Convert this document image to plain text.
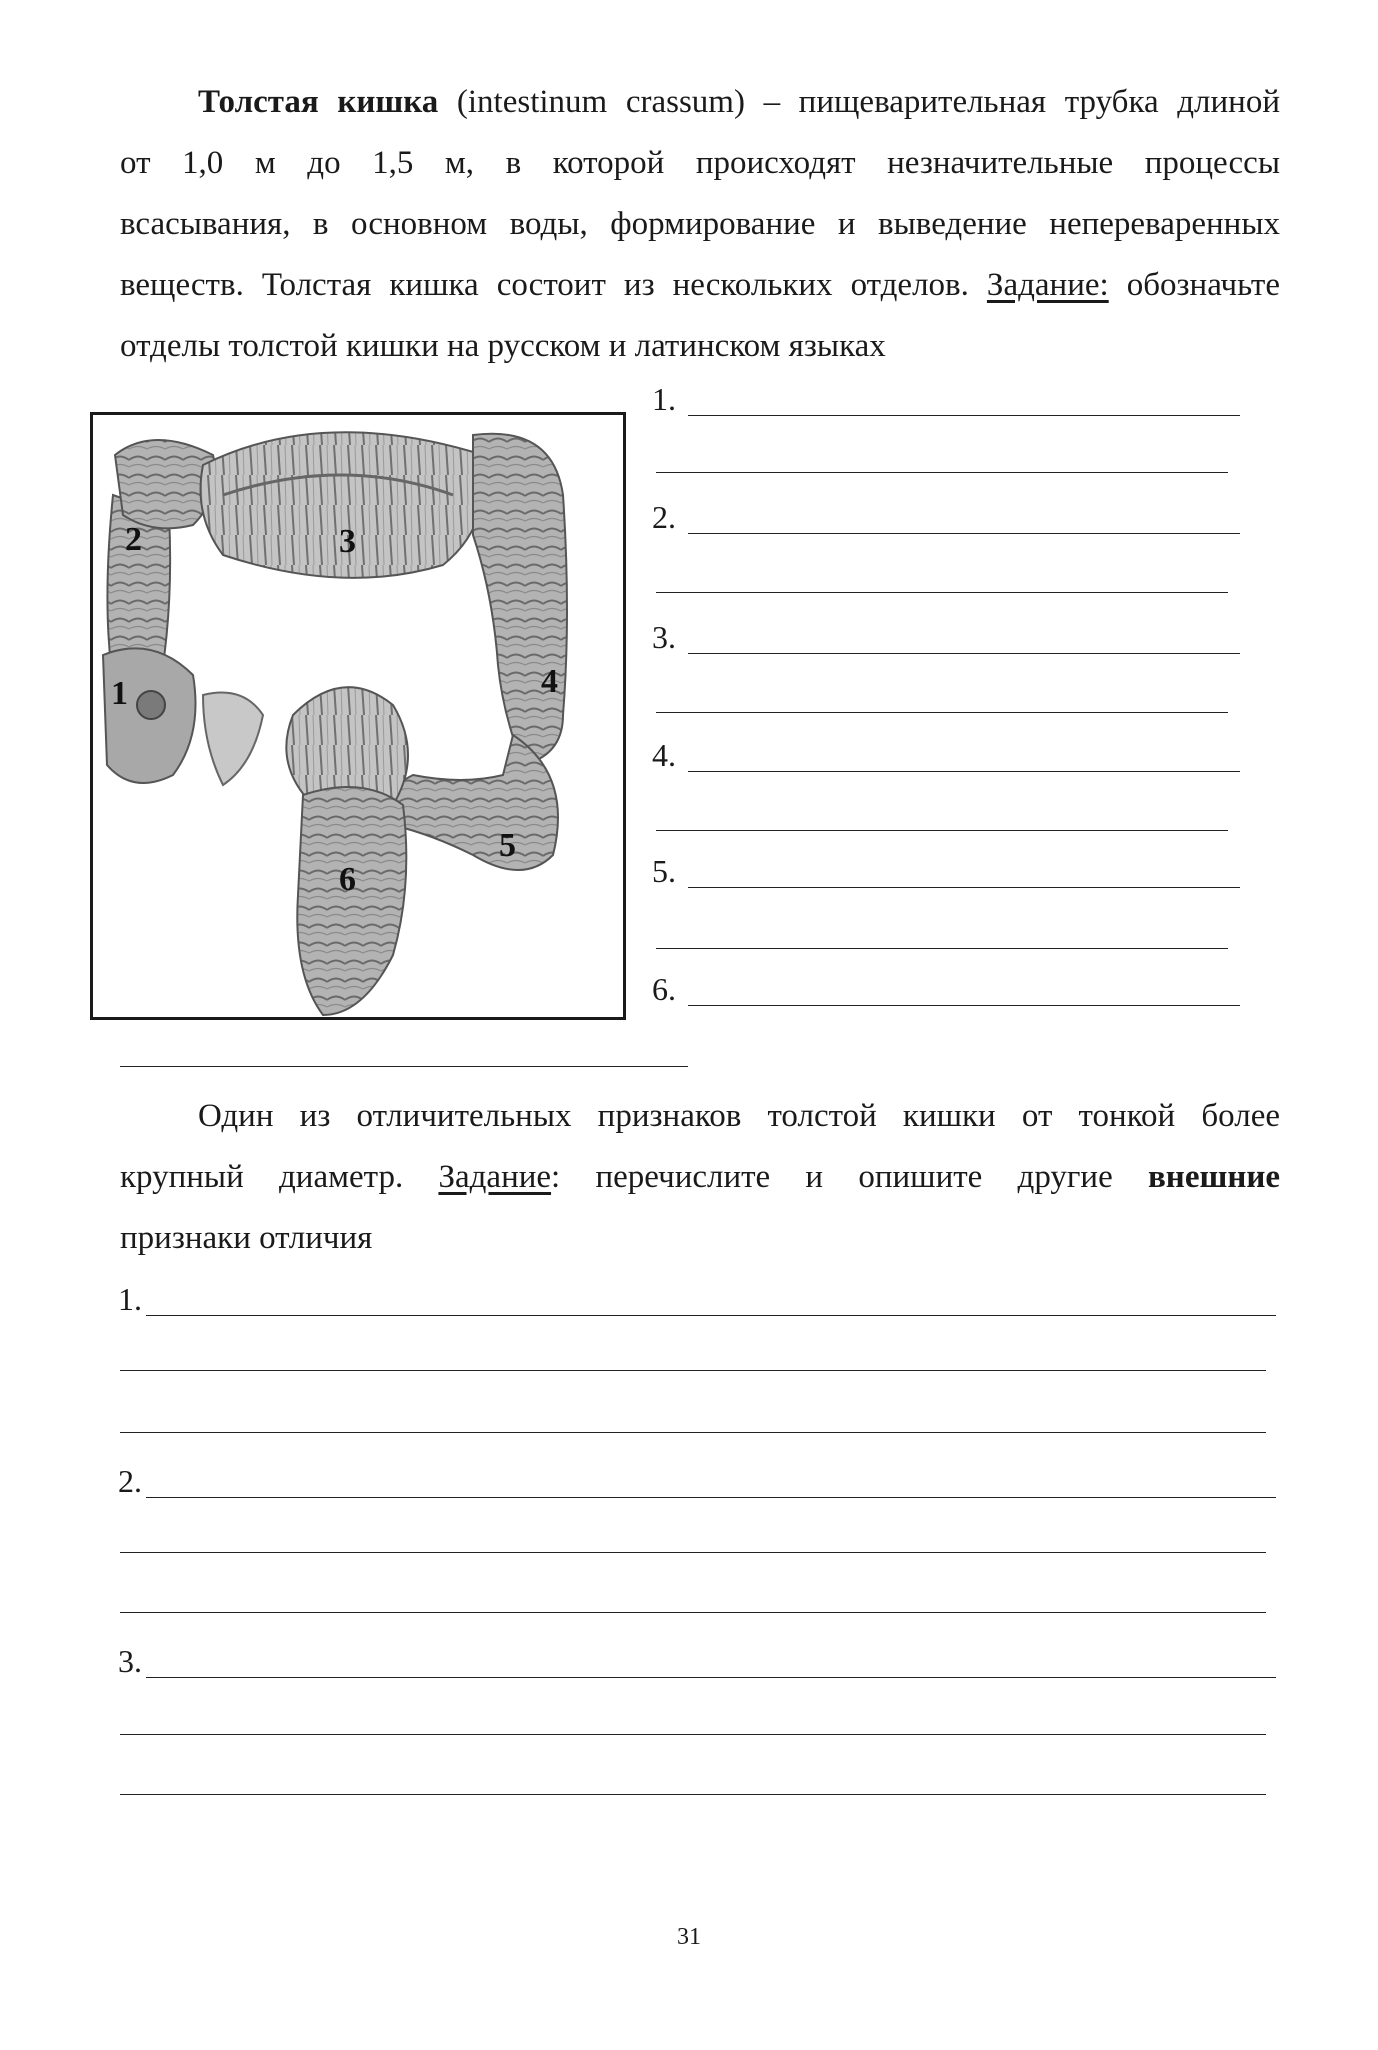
Толстая кишка (intestinum crassum) – пищеварительная трубка длиной
от 1,0 м до 1,5 м, в которой происходят незначительные процессы
всасывания, в основном воды, формирование и выведение непереваренных
веществ. Толстая кишка состоит из нескольких отделов. Задание: обозначьте
отделы толстой кишки на русском и латинском языках
1
2	3
4
5
6
1.
2.
3.
4.
5.
6.
Один из отличительных признаков толстой кишки от тонкой более
крупный диаметр. Задание: перечислите и опишите другие внешние
признаки отличия
1.
2.
3.
31
